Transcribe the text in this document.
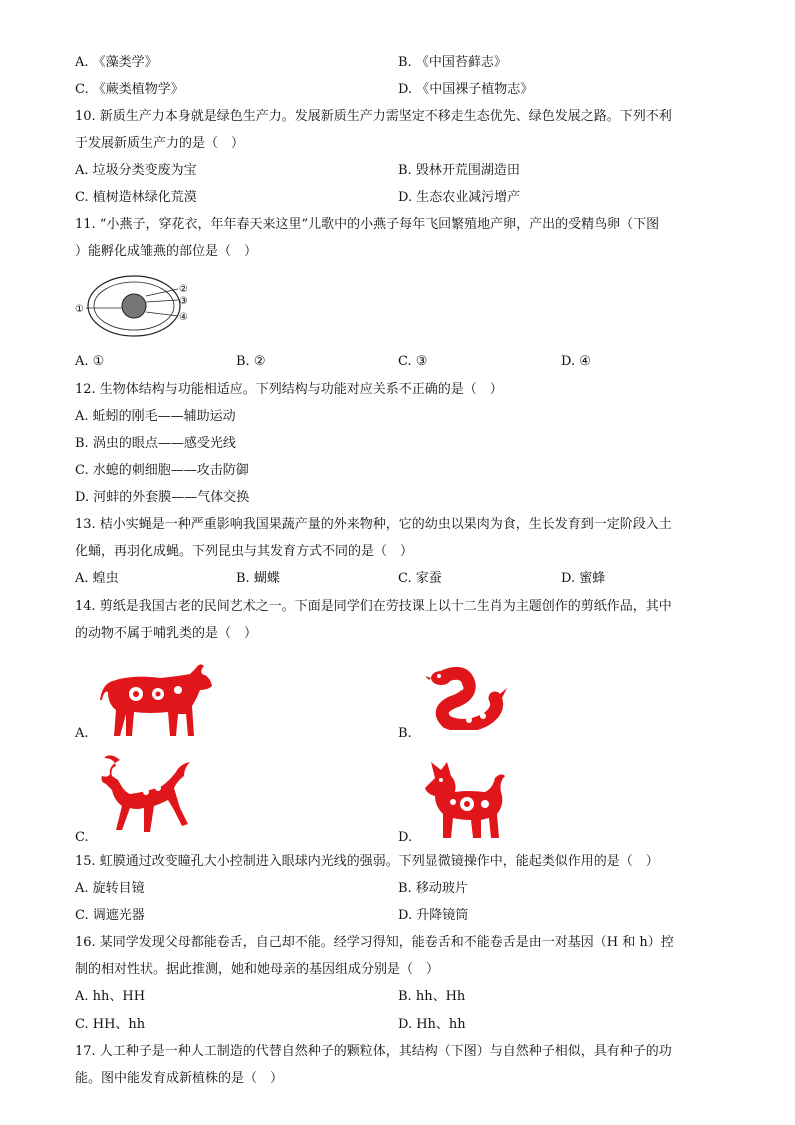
A. 《藻类学》	B. 《中国苔藓志》
C. 《蕨类植物学》	D. 《中国裸子植物志》
10. 新质生产力本身就是绿色生产力。发展新质生产力需坚定不移走生态优先、绿色发展之路。下列不利
于发展新质生产力的是（　）
A. 垃圾分类变废为宝	B. 毁林开荒围湖造田
C. 植树造林绿化荒漠	D. 生态农业减污增产
11. “小燕子，穿花衣，年年春天来这里”儿歌中的小燕子每年飞回繁殖地产卵，产出的受精鸟卵（下图
）能孵化成雏燕的部位是（　）
①
②
③
④
A. ①	B. ②	C. ③	D. ④
12. 生物体结构与功能相适应。下列结构与功能对应关系不正确的是（　）
A. 蚯蚓的刚毛——辅助运动
B. 涡虫的眼点——感受光线
C. 水螅的刺细胞——攻击防御
D. 河蚌的外套膜——气体交换
13. 桔小实蝇是一种严重影响我国果蔬产量的外来物种，它的幼虫以果肉为食，生长发育到一定阶段入土
化蛹，再羽化成蝇。下列昆虫与其发育方式不同的是（　）
A. 蝗虫	B. 蝴蝶	C. 家蚕	D. 蜜蜂
14. 剪纸是我国古老的民间艺术之一。下面是同学们在劳技课上以十二生肖为主题创作的剪纸作品，其中
的动物不属于哺乳类的是（　）
A.	B.
C.	D.
15. 虹膜通过改变瞳孔大小控制进入眼球内光线的强弱。下列显微镜操作中，能起类似作用的是（　）
A. 旋转目镜	B. 移动玻片
C. 调遮光器	D. 升降镜筒
16. 某同学发现父母都能卷舌，自己却不能。经学习得知，能卷舌和不能卷舌是由一对基因（H 和 h）控
制的相对性状。据此推测，她和她母亲的基因组成分别是（　）
A. hh、HH	B. hh、Hh
C. HH、hh	D. Hh、hh
17. 人工种子是一种人工制造的代替自然种子的颗粒体，其结构（下图）与自然种子相似，具有种子的功
能。图中能发育成新植株的是（　）
